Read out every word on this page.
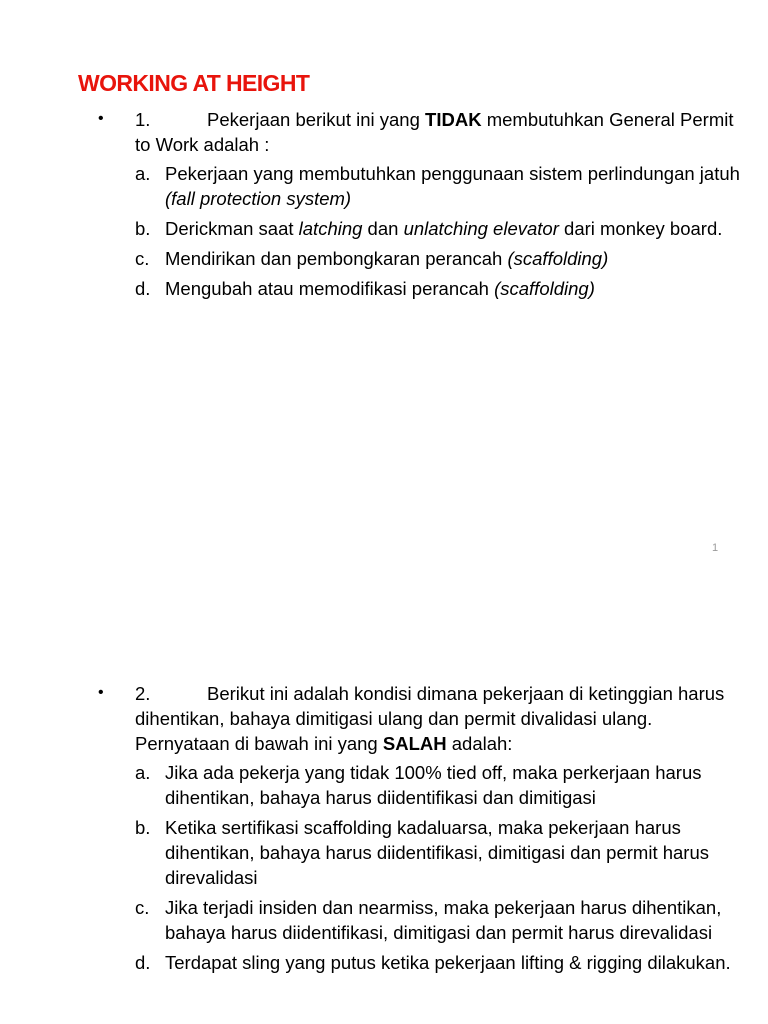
WORKING AT HEIGHT
• 1.	Pekerjaan berikut ini yang TIDAK membutuhkan General Permit to Work adalah :
a. Pekerjaan yang membutuhkan penggunaan sistem perlindungan jatuh (fall protection system)
b. Derickman saat latching dan unlatching elevator dari monkey board.
c. Mendirikan dan pembongkaran perancah (scaffolding)
d. Mengubah atau memodifikasi perancah (scaffolding)
1
• 2.	Berikut ini adalah kondisi dimana pekerjaan di ketinggian harus dihentikan, bahaya dimitigasi ulang dan permit divalidasi ulang. Pernyataan di bawah ini yang SALAH adalah:
a. Jika ada pekerja yang tidak 100% tied off, maka perkerjaan harus dihentikan, bahaya harus diidentifikasi dan dimitigasi
b. Ketika sertifikasi scaffolding kadaluarsa, maka pekerjaan harus dihentikan, bahaya harus diidentifikasi, dimitigasi dan permit harus direvalidasi
c. Jika terjadi insiden dan nearmiss, maka pekerjaan harus dihentikan, bahaya harus diidentifikasi, dimitigasi dan permit harus direvalidasi
d. Terdapat sling yang putus ketika pekerjaan lifting & rigging dilakukan.
